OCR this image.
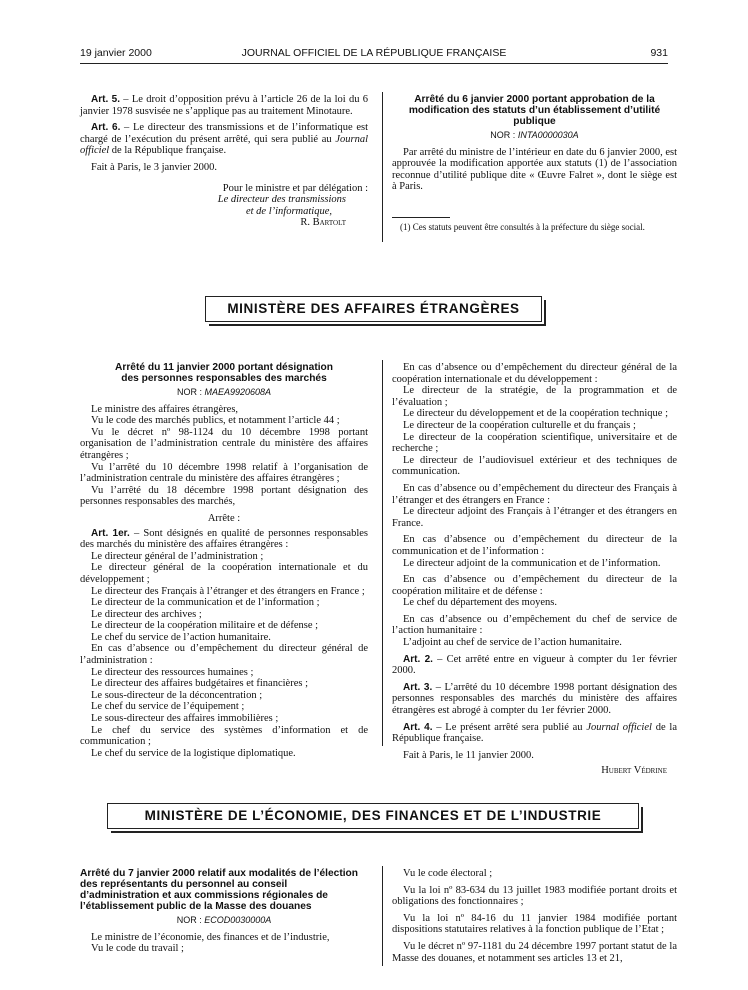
19 janvier 2000	JOURNAL OFFICIEL DE LA RÉPUBLIQUE FRANÇAISE	931

Art. 5. – Le droit d’opposition prévu à l’article 26 de la loi du 6 janvier 1978 susvisée ne s’applique pas au traitement Minotaure.

Art. 6. – Le directeur des transmissions et de l’informatique est chargé de l’exécution du présent arrêté, qui sera publié au Journal officiel de la République française.

Fait à Paris, le 3 janvier 2000.

Pour le ministre et par délégation :

Le directeur des transmissions

et de l’informatique,

R. Bartolt

Arrêté du 6 janvier 2000 portant approbation de la modification des statuts d’un établissement d’utilité publique

NOR : INTA0000030A

Par arrêté du ministre de l’intérieur en date du 6 janvier 2000, est approuvée la modification apportée aux statuts (1) de l’association reconnue d’utilité publique dite « Œuvre Falret », dont le siège est à Paris.

(1) Ces statuts peuvent être consultés à la préfecture du siège social.

MINISTÈRE DES AFFAIRES ÉTRANGÈRES

Arrêté du 11 janvier 2000 portant désignation des personnes responsables des marchés

NOR : MAEA9920608A

Le ministre des affaires étrangères,

Vu le code des marchés publics, et notamment l’article 44 ;

Vu le décret nº 98-1124 du 10 décembre 1998 portant organisation de l’administration centrale du ministère des affaires étrangères ;

Vu l’arrêté du 10 décembre 1998 relatif à l’organisation de l’administration centrale du ministère des affaires étrangères ;

Vu l’arrêté du 18 décembre 1998 portant désignation des personnes responsables des marchés,

Arrête :

Art. 1er. – Sont désignés en qualité de personnes responsables des marchés du ministère des affaires étrangères :

Le directeur général de l’administration ;

Le directeur général de la coopération internationale et du développement ;

Le directeur des Français à l’étranger et des étrangers en France ;

Le directeur de la communication et de l’information ;

Le directeur des archives ;

Le directeur de la coopération militaire et de défense ;

Le chef du service de l’action humanitaire.

En cas d’absence ou d’empêchement du directeur général de l’administration :

Le directeur des ressources humaines ;

Le directeur des affaires budgétaires et financières ;

Le sous-directeur de la déconcentration ;

Le chef du service de l’équipement ;

Le sous-directeur des affaires immobilières ;

Le chef du service des systèmes d’information et de communication ;

Le chef du service de la logistique diplomatique.

En cas d’absence ou d’empêchement du directeur général de la coopération internationale et du développement :

Le directeur de la stratégie, de la programmation et de l’évaluation ;

Le directeur du développement et de la coopération technique ;

Le directeur de la coopération culturelle et du français ;

Le directeur de la coopération scientifique, universitaire et de recherche ;

Le directeur de l’audiovisuel extérieur et des techniques de communication.

En cas d’absence ou d’empêchement du directeur des Français à l’étranger et des étrangers en France :

Le directeur adjoint des Français à l’étranger et des étrangers en France.

En cas d’absence ou d’empêchement du directeur de la communication et de l’information :

Le directeur adjoint de la communication et de l’information.

En cas d’absence ou d’empêchement du directeur de la coopération militaire et de défense :

Le chef du département des moyens.

En cas d’absence ou d’empêchement du chef de service de l’action humanitaire :

L’adjoint au chef de service de l’action humanitaire.

Art. 2. – Cet arrêté entre en vigueur à compter du 1er février 2000.

Art. 3. – L’arrêté du 10 décembre 1998 portant désignation des personnes responsables des marchés du ministère des affaires étrangères est abrogé à compter du 1er février 2000.

Art. 4. – Le présent arrêté sera publié au Journal officiel de la République française.

Fait à Paris, le 11 janvier 2000.

Hubert Védrine

MINISTÈRE DE L’ÉCONOMIE, DES FINANCES ET DE L’INDUSTRIE

Arrêté du 7 janvier 2000 relatif aux modalités de l’élection des représentants du personnel au conseil d’administration et aux commissions régionales de l’établissement public de la Masse des douanes

NOR : ECOD0030000A

Le ministre de l’économie, des finances et de l’industrie,

Vu le code du travail ;

Vu le code électoral ;

Vu la loi nº 83-634 du 13 juillet 1983 modifiée portant droits et obligations des fonctionnaires ;

Vu la loi nº 84-16 du 11 janvier 1984 modifiée portant dispositions statutaires relatives à la fonction publique de l’Etat ;

Vu le décret nº 97-1181 du 24 décembre 1997 portant statut de la Masse des douanes, et notamment ses articles 13 et 21,
